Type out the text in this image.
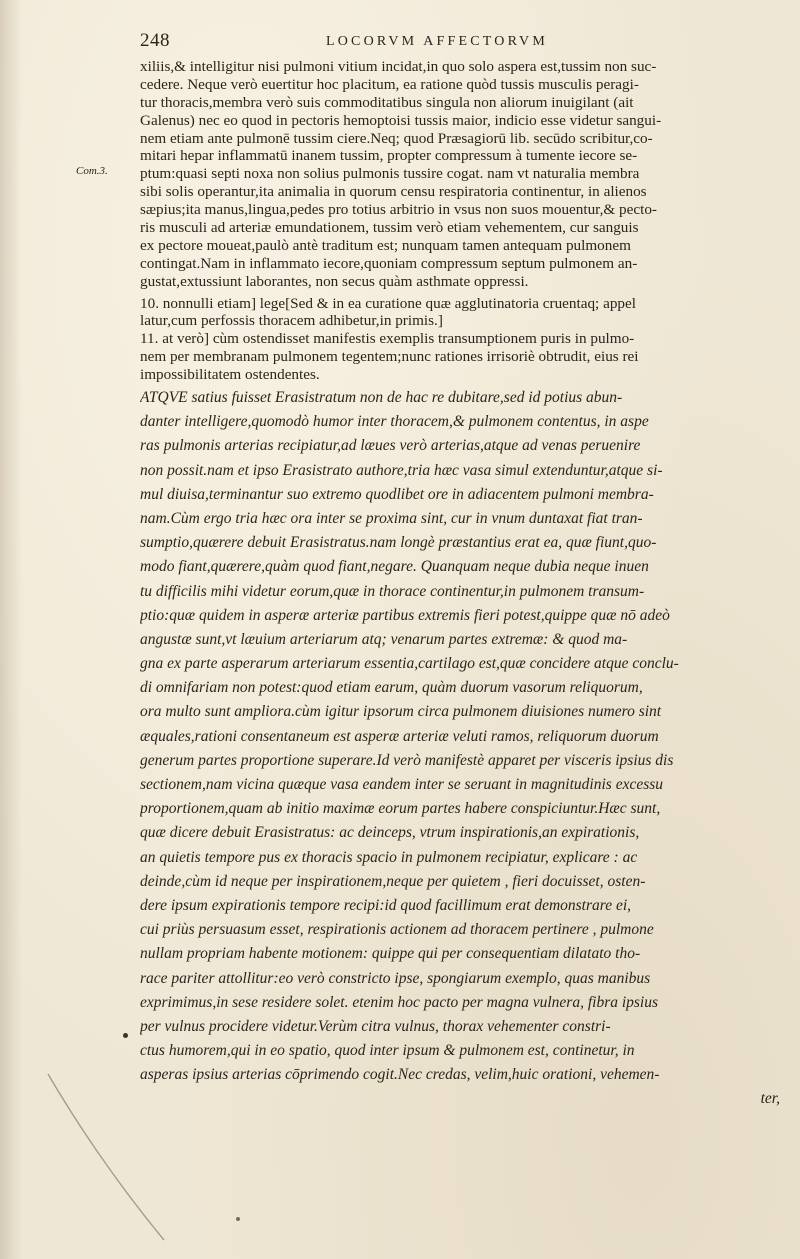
248	LOCORVM AFFECTORVM
Com.3.
xiliis,& intelligitur nisi pulmoni vitium incidat,in quo solo aspera est,tussim non suc-
cedere. Neque verò euertitur hoc placitum, ea ratione quòd tussis musculis peragi-
tur thoracis,membra verò suis commoditatibus singula non aliorum inuigilant (ait
Galenus) nec eo quod in pectoris hemoptoisi tussis maior, indicio esse videtur sangui-
nem etiam ante pulmonē tussim ciere.Neq; quod Præsagiorū lib. secūdo scribitur,co-
mitari hepar inflammatū inanem tussim, propter compressum à tumente iecore se-
ptum:quasi septi noxa non solius pulmonis tussire cogat. nam vt naturalia membra
sibi solis operantur,ita animalia in quorum censu respiratoria continentur, in alienos
sæpius;ita manus,lingua,pedes pro totius arbitrio in vsus non suos mouentur,& pecto-
ris musculi ad arteriæ emundationem, tussim verò etiam vehementem, cur sanguis
ex pectore moueat,paulò antè traditum est; nunquam tamen antequam pulmonem
contingat.Nam in inflammato iecore,quoniam compressum septum pulmonem an-
gustat,extussiunt laborantes, non secus quàm asthmate oppressi.
10. nonnulli etiam] lege[Sed & in ea curatione quæ agglutinatoria cruentaq; appel
latur,cum perfossis thoracem adhibetur,in primis.]
11. at verò] cùm ostendisset manifestis exemplis transumptionem puris in pulmo-
nem per membranam pulmonem tegentem;nunc rationes irrisoriè obtrudit, eius rei
impossibilitatem ostendentes.
ATQVE satius fuisset Erasistratum non de hac re dubitare,sed id potius abun-
danter intelligere,quomodò humor inter thoracem,& pulmonem contentus, in aspe
ras pulmonis arterias recipiatur,ad læues verò arterias,atque ad venas peruenire
non possit.nam et ipso Erasistrato authore,tria hæc vasa simul extenduntur,atque si-
mul diuisa,terminantur suo extremo quodlibet ore in adiacentem pulmoni membra-
nam.Cùm ergo tria hæc ora inter se proxima sint, cur in vnum duntaxat fiat tran-
sumptio,quærere debuit Erasistratus.nam longè præstantius erat ea, quæ fiunt,quo-
modo fiant,quærere,quàm quod fiant,negare. Quanquam neque dubia neque inuen
tu difficilis mihi videtur eorum,quæ in thorace continentur,in pulmonem transum-
ptio:quæ quidem in asperæ arteriæ partibus extremis fieri potest,quippe quæ nō adeò
angustæ sunt,vt læuium arteriarum atq; venarum partes extremæ: & quod ma-
gna ex parte asperarum arteriarum essentia,cartilago est,quæ concidere atque conclu-
di omnifariam non potest:quod etiam earum, quàm duorum vasorum reliquorum,
ora multo sunt ampliora.cùm igitur ipsorum circa pulmonem diuisiones numero sint
æquales,rationi consentaneum est asperæ arteriæ veluti ramos, reliquorum duorum
generum partes proportione superare.Id verò manifestè apparet per visceris ipsius dis
sectionem,nam vicina quæque vasa eandem inter se seruant in magnitudinis excessu
proportionem,quam ab initio maximæ eorum partes habere conspiciuntur.Hæc sunt,
quæ dicere debuit Erasistratus: ac deinceps, vtrum inspirationis,an expirationis,
an quietis tempore pus ex thoracis spacio in pulmonem recipiatur, explicare : ac
deinde,cùm id neque per inspirationem,neque per quietem , fieri docuisset, osten-
dere ipsum expirationis tempore recipi:id quod facillimum erat demonstrare ei,
cui priùs persuasum esset, respirationis actionem ad thoracem pertinere , pulmone
nullam propriam habente motionem: quippe qui per consequentiam dilatato tho-
race pariter attollitur:eo verò constricto ipse, spongiarum exemplo, quas manibus
exprimimus,in sese residere solet. etenim hoc pacto per magna vulnera, fibra ipsius
per vulnus procidere videtur.Verùm citra vulnus, thorax vehementer constri-
ctus humorem,qui in eo spatio, quod inter ipsum & pulmonem est, continetur, in
asperas ipsius arterias cōprimendo cogit.Nec credas, velim,huic orationi, vehemen-
ter,
